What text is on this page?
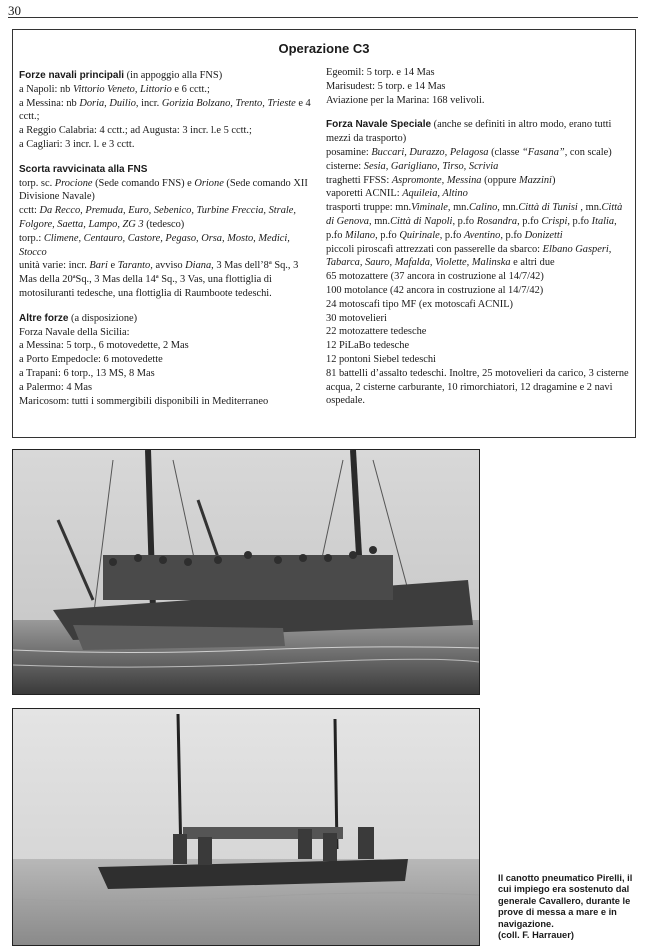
30
Operazione C3
Forze navali principali (in appoggio alla FNS)
a Napoli: nb Vittorio Veneto, Littorio e 6 cctt.;
a Messina: nb Doria, Duilio, incr. Gorizia Bolzano, Trento, Trieste e 4 cctt.;
a Reggio Calabria: 4 cctt.; ad Augusta: 3 incr. l.e 5 cctt.;
a Cagliari: 3 incr. l. e 3 cctt.
Scorta ravvicinata alla FNS
torp. sc. Procione (Sede comando FNS) e Orione (Sede comando XII Divisione Navale)
cctt: Da Recco, Premuda, Euro, Sebenico, Turbine Freccia, Strale, Folgore, Saetta, Lampo, ZG 3 (tedesco)
torp.: Climene, Centauro, Castore, Pegaso, Orsa, Mosto, Medici, Stocco
unità varie: incr. Bari e Taranto, avviso Diana, 3 Mas dell’8ª Sq., 3 Mas della 20ªSq., 3 Mas della 14ª Sq., 3 Vas, una flottiglia di motosiluranti tedesche, una flottiglia di Raumboote tedeschi.
Altre forze (a disposizione)
Forza Navale della Sicilia:
a Messina: 5 torp., 6 motovedette, 2 Mas
a Porto Empedocle: 6 motovedette
a Trapani: 6 torp., 13 MS, 8 Mas
a Palermo: 4 Mas
Maricosom: tutti i sommergibili disponibili in Mediterraneo
Egeomil: 5 torp. e 14 Mas
Marisudest: 5 torp. e 14 Mas
Aviazione per la Marina: 168 velivoli.
Forza Navale Speciale (anche se definiti in altro modo, erano tutti mezzi da trasporto)
posamine: Buccari, Durazzo, Pelagosa (classe “Fasana”, con scale)
cisterne: Sesia, Garigliano, Tirso, Scrivia
traghetti FFSS: Aspromonte, Messina (oppure Mazzini)
vaporetti ACNIL: Aquileia, Altino
trasporti truppe: mn.Viminale, mn.Calino, mn.Città di Tunisi , mn.Città di Genova, mn.Città di Napoli, p.fo Rosandra, p.fo Crispi, p.fo Italia, p.fo Milano, p.fo Quirinale, p.fo Aventino, p.fo Donizetti
piccoli piroscafi attrezzati con passerelle da sbarco: Elbano Gasperi, Tabarca, Sauro, Mafalda, Violette, Malinska e altri due
65 motozattere (37 ancora in costruzione al 14/7/42)
100 motolance (42 ancora in costruzione al 14/7/42)
24 motoscafi tipo MF (ex motoscafi ACNIL)
30 motovelieri
22 motozattere tedesche
12 PiLaBo tedesche
12 pontoni Siebel tedeschi
81 battelli d’assalto tedeschi. Inoltre, 25 motovelieri da carico, 3 cisterne acqua, 2 cisterne carburante, 10 rimorchiatori, 12 dragamine e 2 navi ospedale.
Il canotto pneumatico Pirelli, il cui impiego era sostenuto dal generale Cavallero, durante le prove di messa a mare e in navigazione.
(coll. F. Harrauer)
